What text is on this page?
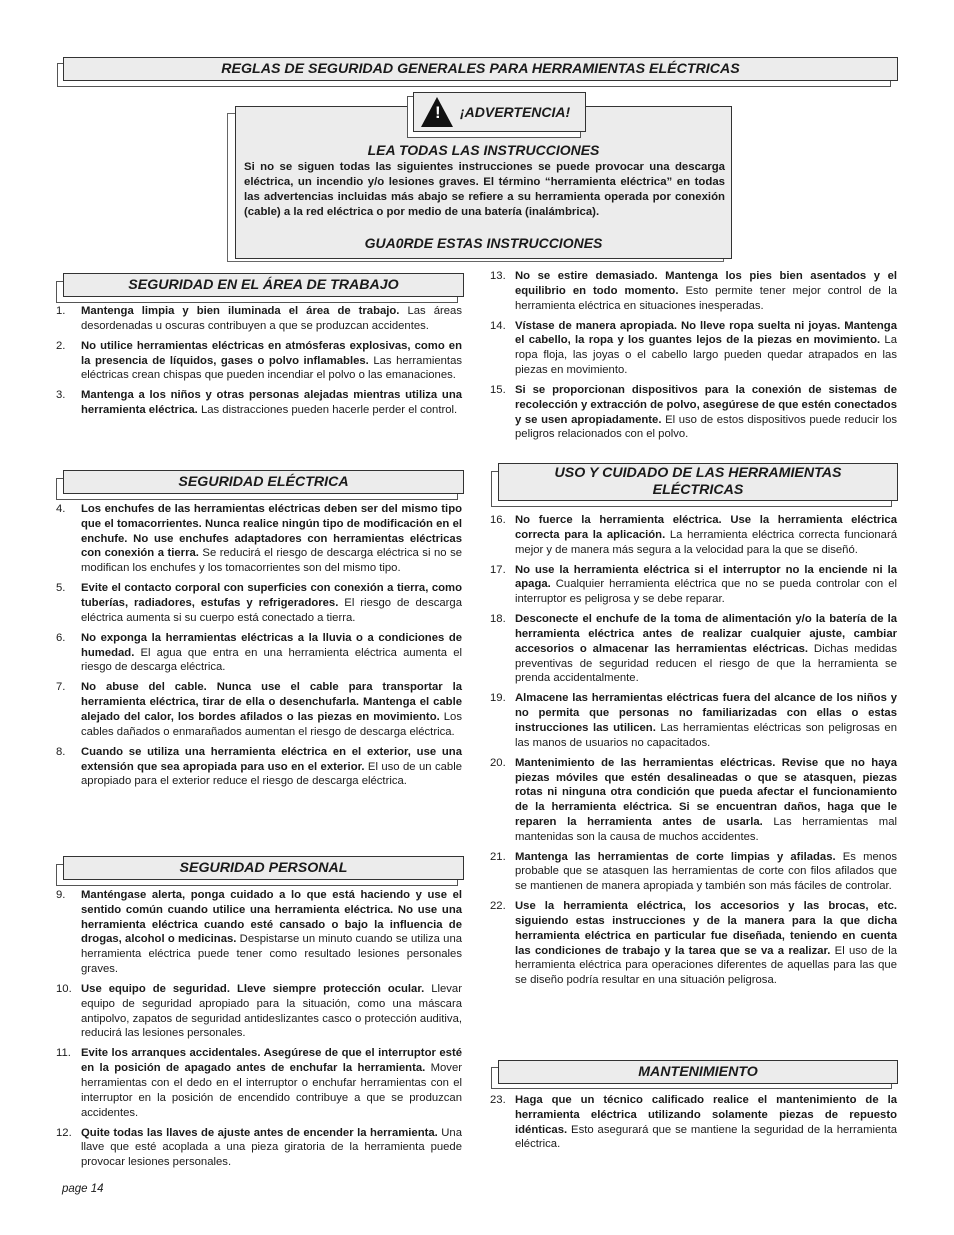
REGLAS DE SEGURIDAD GENERALES PARA HERRAMIENTAS ELÉCTRICAS
LEA TODAS LAS INSTRUCCIONES
Si no se siguen todas las siguientes instrucciones se puede provocar una descarga eléctrica, un incendio y/o lesiones graves. El término “herramienta eléctrica” en todas las advertencias incluidas más abajo se refiere a su herramienta operada por conexión (cable) a la red eléctrica o por medio de una batería (inalámbrica).
GUA0RDE ESTAS INSTRUCCIONES
! ¡ADVERTENCIA!
SEGURIDAD EN EL ÁREA DE TRABAJO
SEGURIDAD ELÉCTRICA
SEGURIDAD PERSONAL
USO Y CUIDADO DE LAS HERRAMIENTAS ELÉCTRICAS
MANTENIMIENTO
1. Mantenga limpia y bien iluminada el área de trabajo. Las áreas desordenadas u oscuras contribuyen a que se produzcan accidentes.
2. No utilice herramientas eléctricas en atmósferas explosivas, como en la presencia de líquidos, gases o polvo inflamables. Las herramientas eléctricas crean chispas que pueden incendiar el polvo o las emanaciones.
3. Mantenga a los niños y otras personas alejadas mientras utiliza una herramienta eléctrica. Las distracciones pueden hacerle perder el control.
4. Los enchufes de las herramientas eléctricas deben ser del mismo tipo que el tomacorrientes. Nunca realice ningún tipo de modificación en el enchufe. No use enchufes adaptadores con herramientas eléctricas con conexión a tierra. Se reducirá el riesgo de descarga eléctrica si no se modifican los enchufes y los tomacorrientes son del mismo tipo.
5. Evite el contacto corporal con superficies con conexión a tierra, como tuberías, radiadores, estufas y refrigeradores. El riesgo de descarga eléctrica aumenta si su cuerpo está conectado a tierra.
6. No exponga la herramientas eléctricas a la lluvia o a condiciones de humedad. El agua que entra en una herramienta eléctrica aumenta el riesgo de descarga eléctrica.
7. No abuse del cable. Nunca use el cable para transportar la herramienta eléctrica, tirar de ella o desenchufarla. Mantenga el cable alejado del calor, los bordes afilados o las piezas en movimiento. Los cables dañados o enmarañados aumentan el riesgo de descarga eléctrica.
8. Cuando se utiliza una herramienta eléctrica en el exterior, use una extensión que sea apropiada para uso en el exterior. El uso de un cable apropiado para el exterior reduce el riesgo de descarga eléctrica.
9. Manténgase alerta, ponga cuidado a lo que está haciendo y use el sentido común cuando utilice una herramienta eléctrica. No use una herramienta eléctrica cuando esté cansado o bajo la influencia de drogas, alcohol o medicinas. Despistarse un minuto cuando se utiliza una herramienta eléctrica puede tener como resultado lesiones personales graves.
10. Use equipo de seguridad. Lleve siempre protección ocular. Llevar equipo de seguridad apropiado para la situación, como una máscara antipolvo, zapatos de seguridad antideslizantes casco o protección auditiva, reducirá las lesiones personales.
11. Evite los arranques accidentales. Asegúrese de que el interruptor esté en la posición de apagado antes de enchufar la herramienta. Mover herramientas con el dedo en el interruptor o enchufar herramientas con el interruptor en la posición de encendido contribuye a que se produzcan accidentes.
12. Quite todas las llaves de ajuste antes de encender la herramienta. Una llave que esté acoplada a una pieza giratoria de la herramienta puede provocar lesiones personales.
13. No se estire demasiado. Mantenga los pies bien asentados y el equilibrio en todo momento. Esto permite tener mejor control de la herramienta eléctrica en situaciones inesperadas.
14. Vístase de manera apropiada. No lleve ropa suelta ni joyas. Mantenga el cabello, la ropa y los guantes lejos de la piezas en movimiento. La ropa floja, las joyas o el cabello largo pueden quedar atrapados en las piezas en movimiento.
15. Si se proporcionan dispositivos para la conexión de sistemas de recolección y extracción de polvo, asegúrese de que estén conectados y se usen apropiadamente. El uso de estos dispositivos puede reducir los peligros relacionados con el polvo.
16. No fuerce la herramienta eléctrica. Use la herramienta eléctrica correcta para la aplicación. La herramienta eléctrica correcta funcionará mejor y de manera más segura a la velocidad para la que se diseñó.
17. No use la herramienta eléctrica si el interruptor no la enciende ni la apaga. Cualquier herramienta eléctrica que no se pueda controlar con el interruptor es peligrosa y se debe reparar.
18. Desconecte el enchufe de la toma de alimentación y/o la batería de la herramienta eléctrica antes de realizar cualquier ajuste, cambiar accesorios o almacenar las herramientas eléctricas. Dichas medidas preventivas de seguridad reducen el riesgo de que la herramienta se prenda accidentalmente.
19. Almacene las herramientas eléctricas fuera del alcance de los niños y no permita que personas no familiarizadas con ellas o estas instrucciones las utilicen. Las herramientas eléctricas son peligrosas en las manos de usuarios no capacitados.
20. Mantenimiento de las herramientas eléctricas. Revise que no haya piezas móviles que estén desalineadas o que se atasquen, piezas rotas ni ninguna otra condición que pueda afectar el funcionamiento de la herramienta eléctrica. Si se encuentran daños, haga que le reparen la herramienta antes de usarla. Las herramientas mal mantenidas son la causa de muchos accidentes.
21. Mantenga las herramientas de corte limpias y afiladas. Es menos probable que se atasquen las herramientas de corte con filos afilados que se mantienen de manera apropiada y también son más fáciles de controlar.
22. Use la herramienta eléctrica, los accesorios y las brocas, etc. siguiendo estas instrucciones y de la manera para la que dicha herramienta eléctrica en particular fue diseñada, teniendo en cuenta las condiciones de trabajo y la tarea que se va a realizar. El uso de la herramienta eléctrica para operaciones diferentes de aquellas para las que se diseño podría resultar en una situación peligrosa.
23. Haga que un técnico calificado realice el mantenimiento de la herramienta eléctrica utilizando solamente piezas de repuesto idénticas. Esto asegurará que se mantiene la seguridad de la herramienta eléctrica.
page 14
